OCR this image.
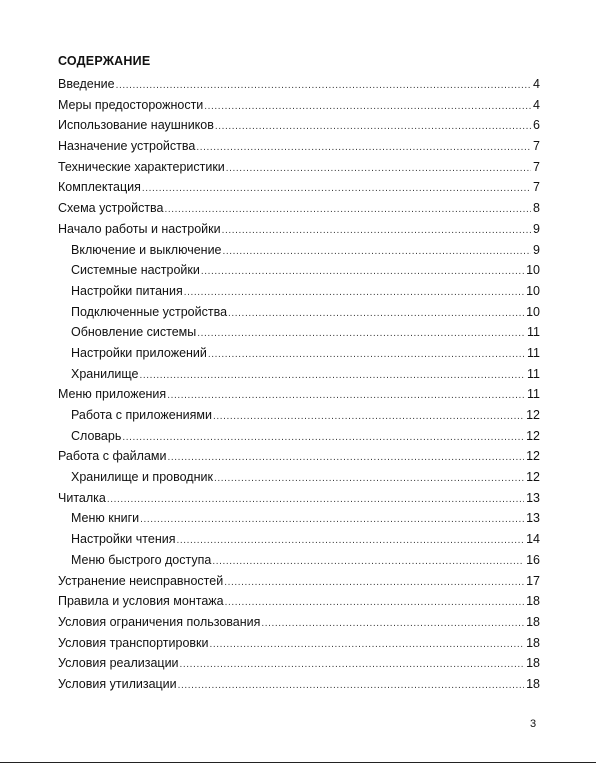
СОДЕРЖАНИЕ
Введение .....	4
Меры предосторожности .....	4
Использование наушников .....	6
Назначение устройства .....	7
Технические характеристики .....	7
Комплектация .....	7
Схема устройства .....	8
Начало работы и настройки .....	9
Включение и выключение .....	9
Системные настройки .....	10
Настройки питания .....	10
Подключенные устройства .....	10
Обновление системы .....	11
Настройки приложений .....	11
Хранилище .....	11
Меню приложения .....	11
Работа с приложениями .....	12
Словарь .....	12
Работа с файлами .....	12
Хранилище и проводник .....	12
Читалка .....	13
Меню книги .....	13
Настройки чтения .....	14
Меню быстрого доступа .....	16
Устранение неисправностей .....	17
Правила и условия монтажа .....	18
Условия ограничения пользования .....	18
Условия транспортировки .....	18
Условия реализации .....	18
Условия утилизации .....	18
3
